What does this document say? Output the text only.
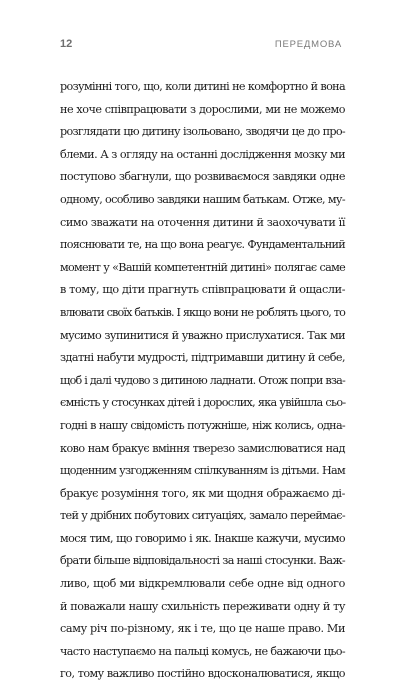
12	ПЕРЕДМОВА
розумінні того, що, коли дитині не комфортно й вона
не хоче співпрацювати з дорослими, ми не можемо
розглядати цю дитину ізольовано, зводячи це до про-
блеми. А з огляду на останні дослідження мозку ми
поступово збагнули, що розвиваємося завдяки одне
одному, особливо завдяки нашим батькам. Отже, му-
симо зважати на оточення дитини й заохочувати її
пояснювати те, на що вона реагує. Фундаментальний
момент у «Вашій компетентній дитині» полягає саме
в тому, що діти прагнуть співпрацювати й ощасли-
влювати своїх батьків. І якщо вони не роблять цього, то
мусимо зупинитися й уважно прислухатися. Так ми
здатні набути мудрості, підтримавши дитину й себе,
щоб і далі чудово з дитиною ладнати. Отож попри вза-
ємність у стосунках дітей і дорослих, яка увійшла сьо-
годні в нашу свідомість потужніше, ніж колись, одна-
ково нам бракує вміння тверезо замислюватися над
щоденним узгодженням спілкуванням із дітьми. Нам
бракує розуміння того, як ми щодня ображаємо ді-
тей у дрібних побутових ситуаціях, замало переймає-
мося тим, що говоримо і як. Інакше кажучи, мусимо
брати більше відповідальності за наші стосунки. Важ-
ливо, щоб ми відкремлювали себе одне від одного
й поважали нашу схильність переживати одну й ту
саму річ по-різному, як і те, що це наше право. Ми
часто наступаємо на пальці комусь, не бажаючи цьо-
го, тому важливо постійно вдосконалюватися, якщо
